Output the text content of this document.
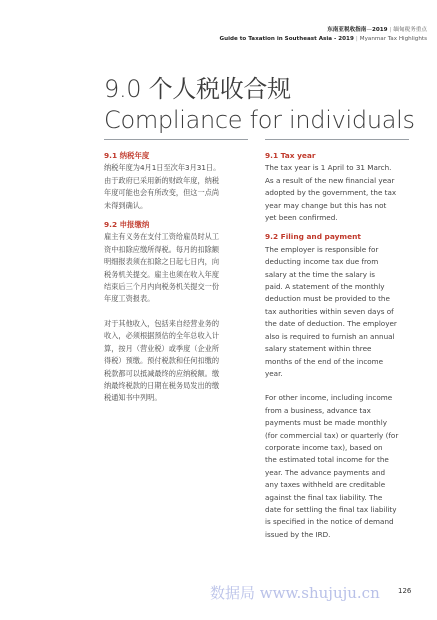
东南亚税收指南—2019 | 缅甸税务重点
Guide to Taxation in Southeast Asia - 2019 | Myanmar Tax Highlights
9.0 个人税收合规
Compliance for individuals

9.1 纳税年度

纳税年度为4月1日至次年3月31日。

由于政府已采用新的财政年度，纳税

年度可能也会有所改变，但这一点尚

未得到确认。

9.2 申报缴纳

雇主有义务在支付工资给雇员时从工

资中扣除应缴所得税。每月的扣除额

明细报表须在扣除之日起七日内，向

税务机关提交。雇主也须在收入年度

结束后三个月内向税务机关提交一份

年度工资报表。

对于其他收入，包括来自经营业务的

收入，必须根据预估的全年总收入计

算，按月（营业税）或季度（企业所

得税）预缴。预付税款和任何扣缴的

税款都可以抵减最终的应纳税额。缴

纳最终税款的日期在税务局发出的缴

税通知书中列明。

9.1 Tax year

The tax year is 1 April to 31 March.

As a result of the new financial year

adopted by the government, the tax

year may change but this has not

yet been confirmed.

9.2 Filing and payment

The employer is responsible for

deducting income tax due from

salary at the time the salary is

paid. A statement of the monthly

deduction must be provided to the

tax authorities within seven days of

the date of deduction. The employer

also is required to furnish an annual

salary statement within three

months of the end of the income

year.

For other income, including income

from a business, advance tax

payments must be made monthly

(for commercial tax) or quarterly (for

corporate income tax), based on

the estimated total income for the

year. The advance payments and

any taxes withheld are creditable

against the final tax liability. The

date for settling the final tax liability

is specified in the notice of demand

issued by the IRD.

数据局 www.shujuju.cn	126
